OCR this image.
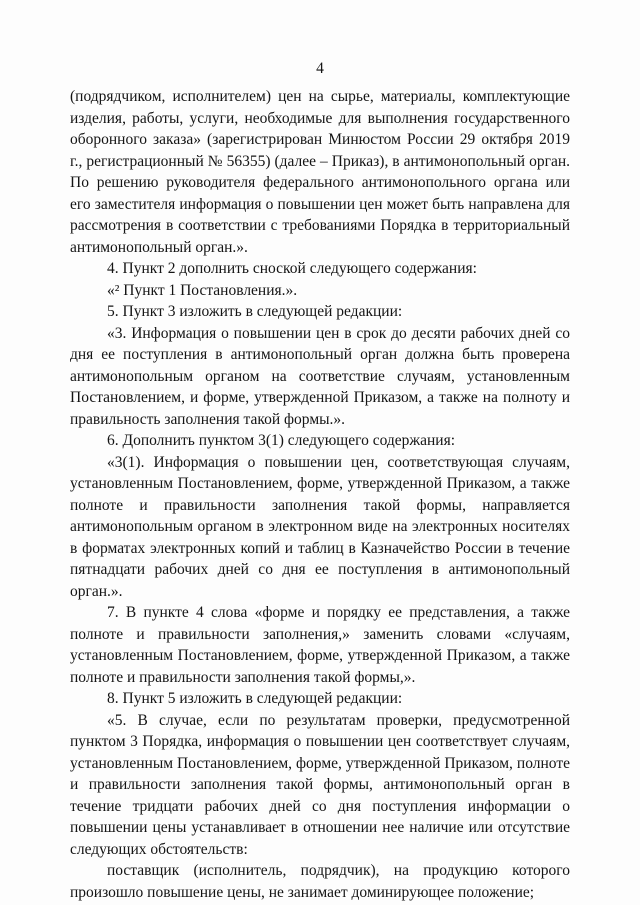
4

(подрядчиком, исполнителем) цен на сырье, материалы, комплектующие изделия, работы, услуги, необходимые для выполнения государственного оборонного заказа» (зарегистрирован Минюстом России 29 октября 2019 г., регистрационный № 56355) (далее – Приказ), в антимонопольный орган. По решению руководителя федерального антимонопольного органа или его заместителя информация о повышении цен может быть направлена для рассмотрения в соответствии с требованиями Порядка в территориальный антимонопольный орган.».

4. Пункт 2 дополнить сноской следующего содержания:

«² Пункт 1 Постановления.».

5. Пункт 3 изложить в следующей редакции:

«3. Информация о повышении цен в срок до десяти рабочих дней со дня ее поступления в антимонопольный орган должна быть проверена антимонопольным органом на соответствие случаям, установленным Постановлением, и форме, утвержденной Приказом, а также на полноту и правильность заполнения такой формы.».

6. Дополнить пунктом 3(1) следующего содержания:

«3(1). Информация о повышении цен, соответствующая случаям, установленным Постановлением, форме, утвержденной Приказом, а также полноте и правильности заполнения такой формы, направляется антимонопольным органом в электронном виде на электронных носителях в форматах электронных копий и таблиц в Казначейство России в течение пятнадцати рабочих дней со дня ее поступления в антимонопольный орган.».

7. В пункте 4 слова «форме и порядку ее представления, а также полноте и правильности заполнения,» заменить словами «случаям, установленным Постановлением, форме, утвержденной Приказом, а также полноте и правильности заполнения такой формы,».

8. Пункт 5 изложить в следующей редакции:

«5. В случае, если по результатам проверки, предусмотренной пунктом 3 Порядка, информация о повышении цен соответствует случаям, установленным Постановлением, форме, утвержденной Приказом, полноте и правильности заполнения такой формы, антимонопольный орган в течение тридцати рабочих дней со дня поступления информации о повышении цены устанавливает в отношении нее наличие или отсутствие следующих обстоятельств:

поставщик (исполнитель, подрядчик), на продукцию которого произошло повышение цены, не занимает доминирующее положение;
